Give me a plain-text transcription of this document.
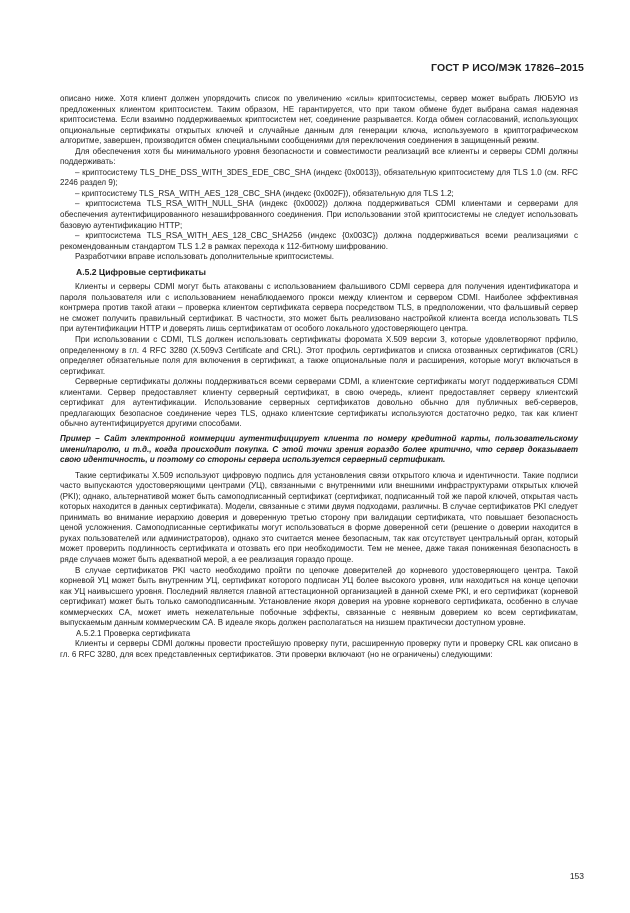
ГОСТ Р ИСО/МЭК 17826–2015

описано ниже. Хотя клиент должен упорядочить список по увеличению «силы» криптосистемы, сервер может выбрать ЛЮБУЮ из предложенных клиентом криптосистем. Таким образом, НЕ гарантируется, что при таком обмене будет выбрана самая надежная криптосистема. Если взаимно поддерживаемых криптосистем нет, соединение разрывается. Когда обмен согласований, использующих опциональные сертификаты открытых ключей и случайные данным для генерации ключа, используемого в криптографическом алгоритме, завершен, производится обмен специальными сообщениями для переключения соединения в защищенный режим.

Для обеспечения хотя бы минимального уровня безопасности и совместимости реализаций все клиенты и серверы CDMI должны поддерживать:

– криптосистему TLS_DHE_DSS_WITH_3DES_EDE_CBC_SHA (индекс {0x0013}), обязательную криптосистему для TLS 1.0 (см. RFC 2246 раздел 9);

– криптосистему TLS_RSA_WITH_AES_128_CBC_SHA (индекс {0x002F}), обязательную для TLS 1.2;

– криптосистема TLS_RSA_WITH_NULL_SHA (индекс {0x0002}) должна поддерживаться CDMI клиентами и серверами для обеспечения аутентифицированного незашифрованного соединения. При использовании этой криптосистемы не следует использовать базовую аутентификацию HTTP;

– криптосистема TLS_RSA_WITH_AES_128_CBC_SHA256 (индекс {0x003C}) должна поддерживаться всеми реализациями с рекомендованным стандартом TLS 1.2 в рамках перехода к 112-битному шифрованию.

Разработчики вправе использовать дополнительные криптосистемы.

А.5.2 Цифровые сертификаты

Клиенты и серверы CDMI могут быть атакованы с использованием фальшивого CDMI сервера для получения идентификатора и пароля пользователя или с использованием ненаблюдаемого прокси между клиентом и сервером CDMI. Наиболее эффективная контрмера против такой атаки – проверка клиентом сертификата сервера посредством TLS, в предположении, что фальшивый сервер не сможет получить правильный сертификат. В частности, это может быть реализовано настройкой клиента всегда использовать TLS при аутентификации HTTP и доверять лишь сертификатам от особого локального удостоверяющего центра.

При использовании с CDMI, TLS должен использовать сертификаты форомата X.509 версии 3, которые удовлетворяют прфилю, определенному в гл. 4 RFC 3280 (X.509v3 Certificate and CRL). Этот профиль сертификатов и списка отозванных сертификатов (CRL) определяет обязательные поля для включения в сертификат, а также опциональные поля и расширения, которые могут включаться в сертификат.

Серверные сертификаты должны поддерживаться всеми серверами CDMI, а клиентские сертификаты могут поддерживаться CDMI клиентами. Сервер предоставляет клиенту серверный сертификат, в свою очередь, клиент предоставляет серверу клиентский сертификат для аутентификации. Использование серверных сертификатов довольно обычно для публичных веб-серверов, предлагающих безопасное соединение через TLS, однако клиентские сертификаты используются достаточно редко, так как клиент обычно аутентифицируется другими способами.

Пример – Сайт электронной коммерции аутентифицирует клиента по номеру кредитной карты, пользовательскому имени/паролю, и т.д., когда происходит покупка. С этой точки зрения гораздо более критично, что сервер доказывает свою идентичность, и поэтому со стороны сервера используется серверный сертификат.

Такие сертификаты X.509 используют цифровую подпись для установления связи открытого ключа и идентичности. Такие подписи часто выпускаются удостоверяющими центрами (УЦ), связанными с внутренними или внешними инфраструктурами открытых ключей (PKI); однако, альтернативой может быть самоподписанный сертификат (сертификат, подписанный той же парой ключей, открытая часть которых находится в данных сертификата). Модели, связанные с этими двумя подходами, различны. В случае сертификатов PKI следует принимать во внимание иерархию доверия и доверенную третью сторону при валидации сертификата, что повышает безопасность ценой усложнения. Самоподписанные сертификаты могут использоваться в форме доверенной сети (решение о доверии находится в руках пользователей или администраторов), однако это считается менее безопасным, так как отсутствует центральный орган, который может проверить подлинность сертификата и отозвать его при необходимости. Тем не менее, даже такая пониженная безопасность в ряде случаев может быть адекватной мерой, а ее реализация гораздо проще.

В случае сертификатов PKI часто необходимо пройти по цепочке доверителей до корневого удостоверяющего центра. Такой корневой УЦ может быть внутренним УЦ, сертификат которого подписан УЦ более высокого уровня, или находиться на конце цепочки как УЦ наивысшего уровня. Последний является главной аттестационной организацией в данной схеме PKI, и его сертификат (корневой сертификат) может быть только самоподписанным. Установление якоря доверия на уровне корневого сертификата, особенно в случае коммерческих CA, может иметь нежелательные побочные эффекты, связанные с неявным доверием ко всем сертификатам, выпускаемым данным коммерческим CA. В идеале якорь должен располагаться на низшем практически доступном уровне.

А.5.2.1 Проверка сертификата

Клиенты и серверы CDMI должны провести простейшую проверку пути, расширенную проверку пути и проверку CRL как описано в гл. 6 RFC 3280, для всех представленных сертификатов. Эти проверки включают (но не ограничены) следующими:

153
